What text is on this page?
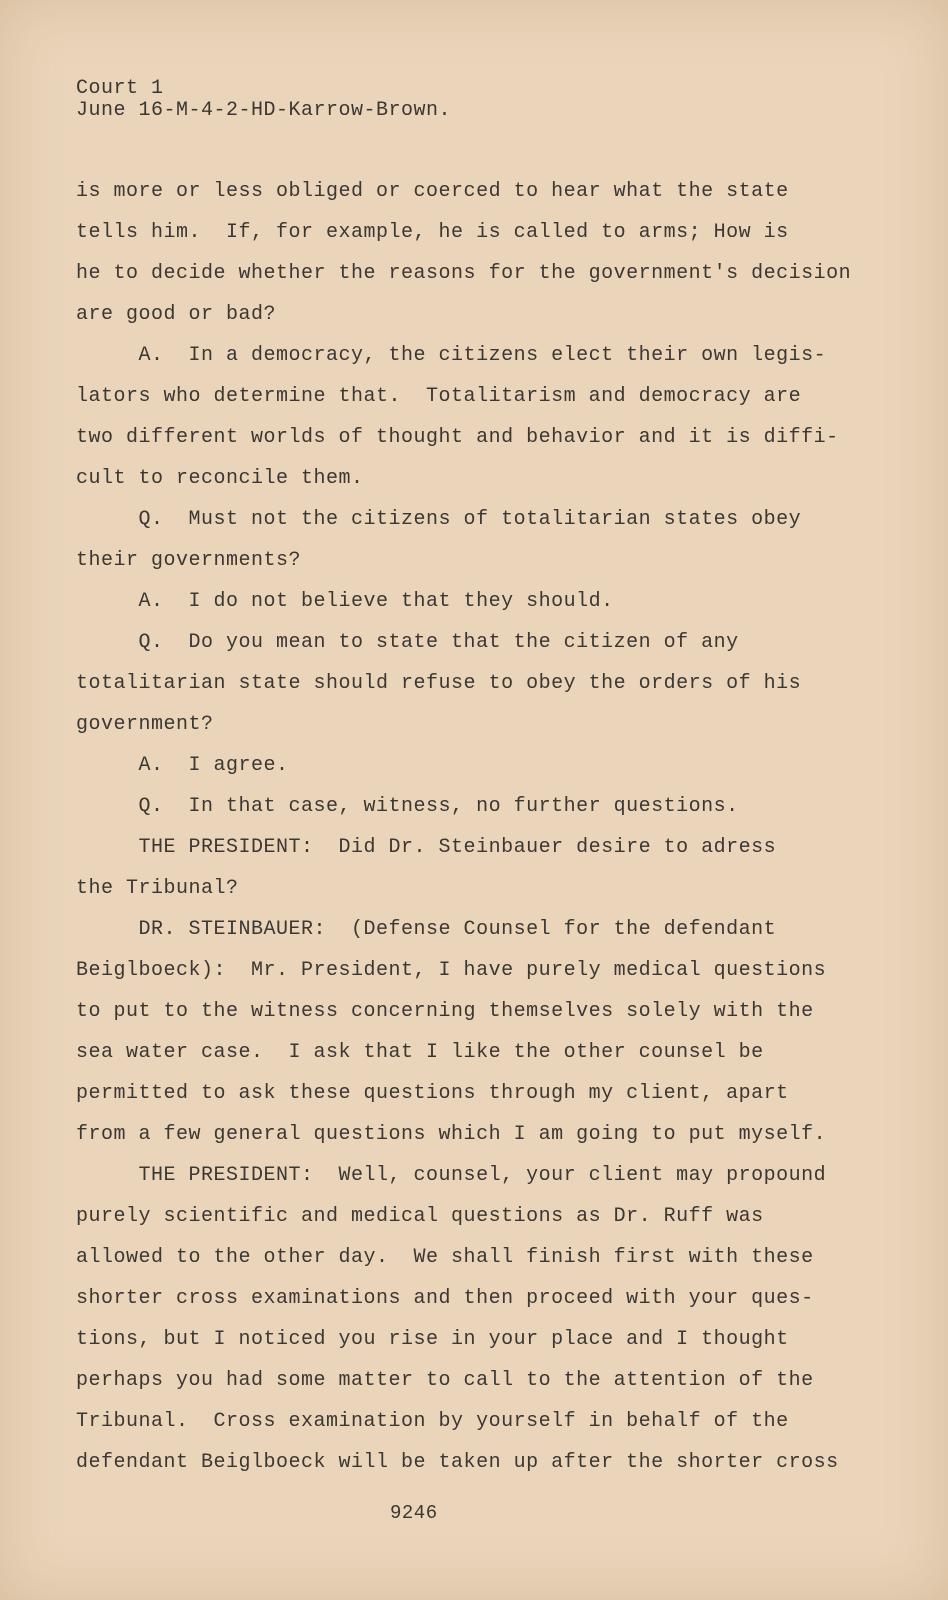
Court 1
June 16-M-4-2-HD-Karrow-Brown.
is more or less obliged or coerced to hear what the state
tells him.  If, for example, he is called to arms; How is
he to decide whether the reasons for the government's decision
are good or bad?
A.  In a democracy, the citizens elect their own legis-
lators who determine that.  Totalitarism and democracy are
two different worlds of thought and behavior and it is diffi-
cult to reconcile them.
Q.  Must not the citizens of totalitarian states obey
their governments?
A.  I do not believe that they should.
Q.  Do you mean to state that the citizen of any
totalitarian state should refuse to obey the orders of his
government?
A.  I agree.
Q.  In that case, witness, no further questions.
THE PRESIDENT:  Did Dr. Steinbauer desire to adress
the Tribunal?
DR. STEINBAUER:  (Defense Counsel for the defendant
Beiglboeck):  Mr. President, I have purely medical questions
to put to the witness concerning themselves solely with the
sea water case.  I ask that I like the other counsel be
permitted to ask these questions through my client, apart
from a few general questions which I am going to put myself.
THE PRESIDENT:  Well, counsel, your client may propound
purely scientific and medical questions as Dr. Ruff was
allowed to the other day.  We shall finish first with these
shorter cross examinations and then proceed with your ques-
tions, but I noticed you rise in your place and I thought
perhaps you had some matter to call to the attention of the
Tribunal.  Cross examination by yourself in behalf of the
defendant Beiglboeck will be taken up after the shorter cross
9246
